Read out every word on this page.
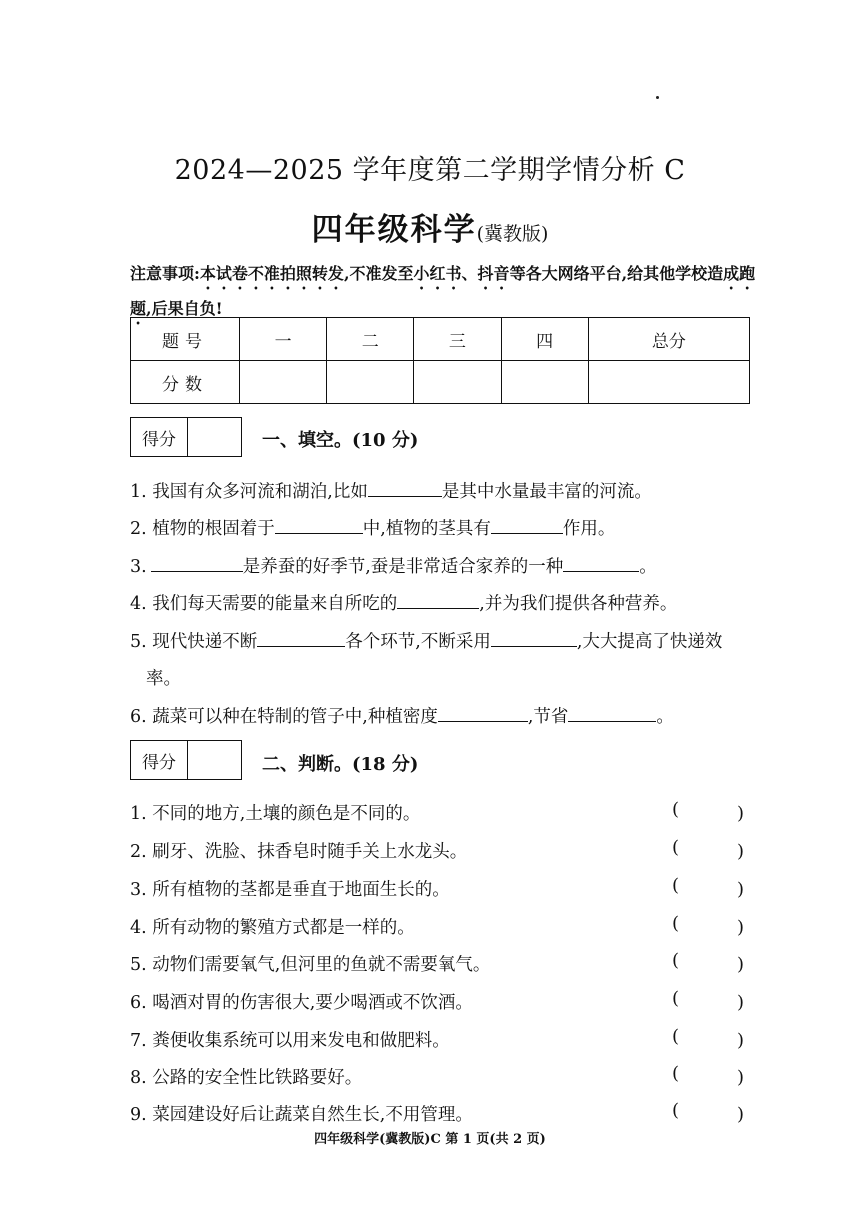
2024—2025 学年度第二学期学情分析 C
四年级科学(冀教版)
注意事项:本试卷不准拍照转发,不准发至小红书、抖音等各大网络平台,给其他学校造成跑题,后果自负!
题号	一	二	三	四	总分
分数					
得分	一、填空。(10 分)
1. 我国有众多河流和湖泊,比如	是其中水量最丰富的河流。
2. 植物的根固着于	中,植物的茎具有	作用。
3.	是养蚕的好季节,蚕是非常适合家养的一种	。
4. 我们每天需要的能量来自所吃的	,并为我们提供各种营养。
5. 现代快递不断	各个环节,不断采用	,大大提高了快递效
率。
6. 蔬菜可以种在特制的管子中,种植密度	,节省	。
得分	二、判断。(18 分)
1. 不同的地方,土壤的颜色是不同的。	(	)
2. 刷牙、洗脸、抹香皂时随手关上水龙头。	(	)
3. 所有植物的茎都是垂直于地面生长的。	(	)
4. 所有动物的繁殖方式都是一样的。	(	)
5. 动物们需要氧气,但河里的鱼就不需要氧气。	(	)
6. 喝酒对胃的伤害很大,要少喝酒或不饮酒。	(	)
7. 粪便收集系统可以用来发电和做肥料。	(	)
8. 公路的安全性比铁路要好。	(	)
9. 菜园建设好后让蔬菜自然生长,不用管理。	(	)
四年级科学(冀教版)C 第 1 页(共 2 页)
